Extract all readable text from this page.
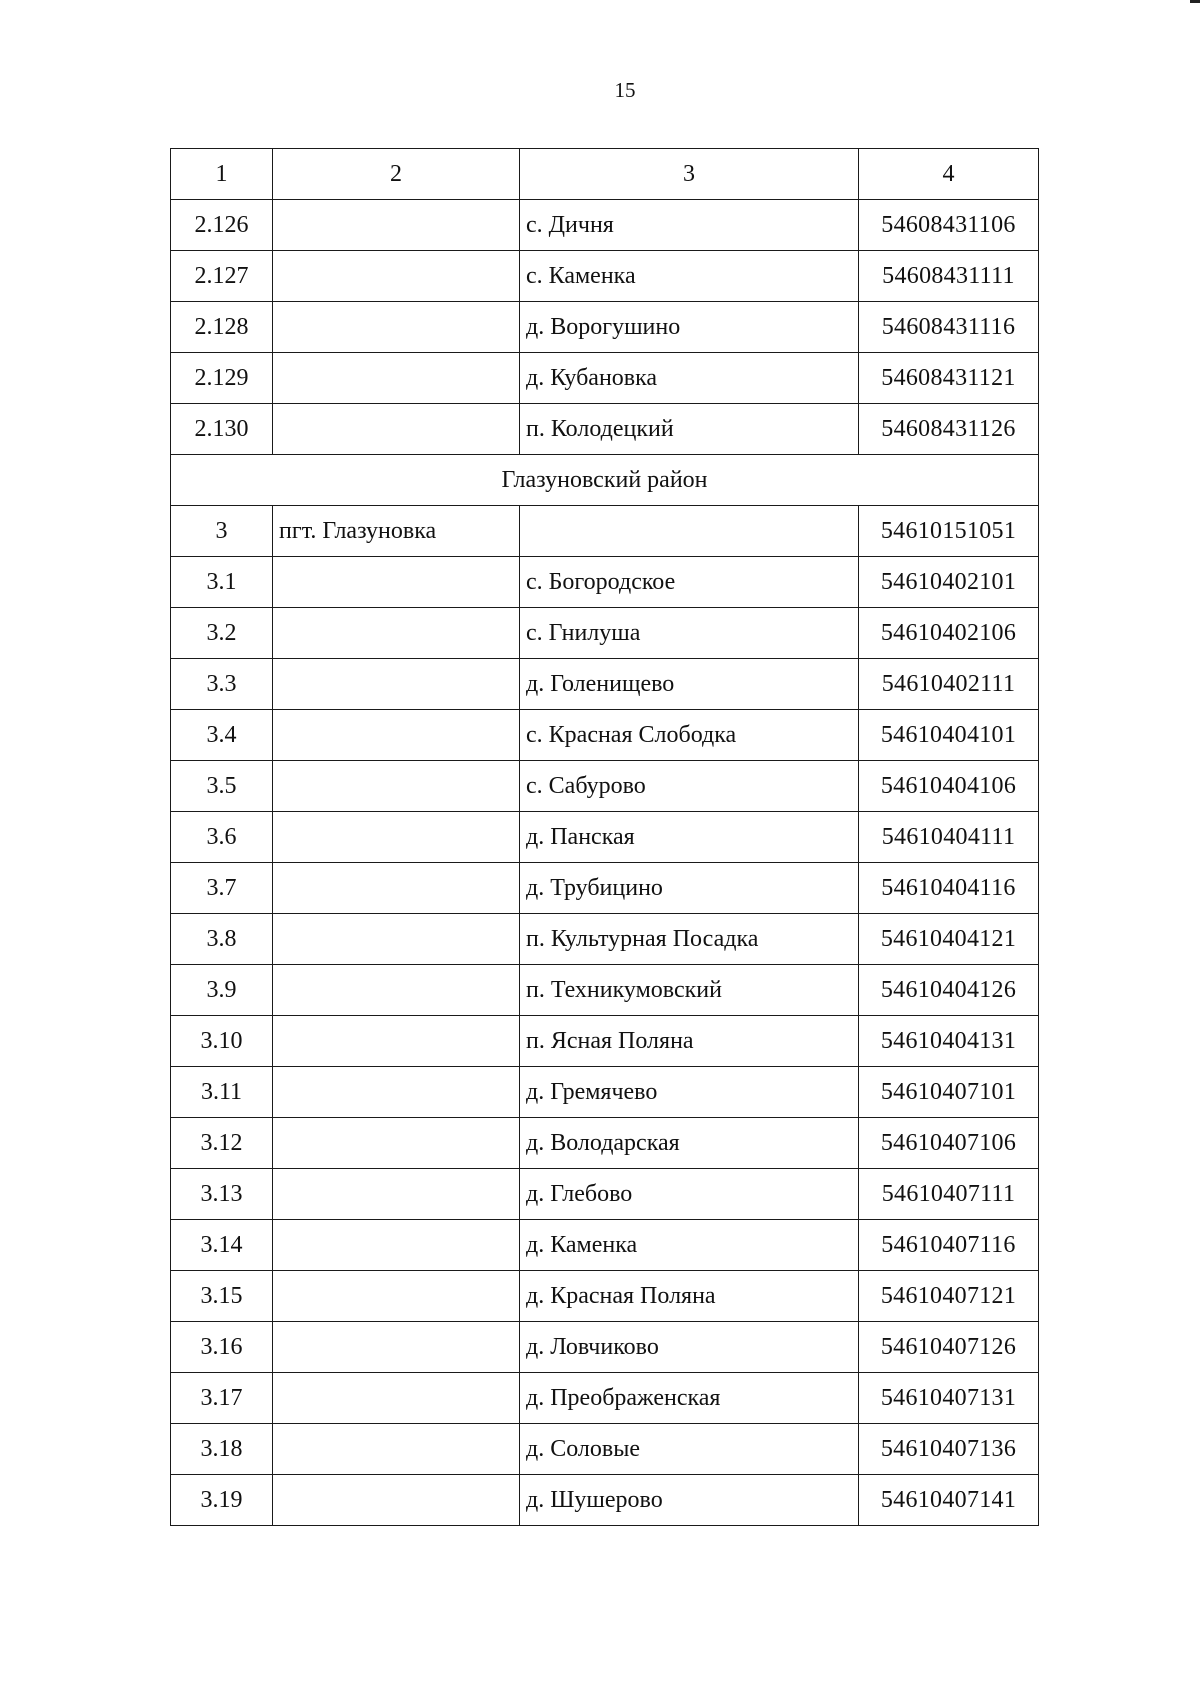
15
1	2	3	4
2.126		с. Дичня	54608431106
2.127		с. Каменка	54608431111
2.128		д. Ворогушино	54608431116
2.129		д. Кубановка	54608431121
2.130		п. Колодецкий	54608431126
Глазуновский район			
3	пгт. Глазуновка		54610151051
3.1		с. Богородское	54610402101
3.2		с. Гнилуша	54610402106
3.3		д. Голенищево	54610402111
3.4		с. Красная Слободка	54610404101
3.5		с. Сабурово	54610404106
3.6		д. Панская	54610404111
3.7		д. Трубицино	54610404116
3.8		п. Культурная Посадка	54610404121
3.9		п. Техникумовский	54610404126
3.10		п. Ясная Поляна	54610404131
3.11		д. Гремячево	54610407101
3.12		д. Володарская	54610407106
3.13		д. Глебово	54610407111
3.14		д. Каменка	54610407116
3.15		д. Красная Поляна	54610407121
3.16		д. Ловчиково	54610407126
3.17		д. Преображенская	54610407131
3.18		д. Соловые	54610407136
3.19		д. Шушерово	54610407141
